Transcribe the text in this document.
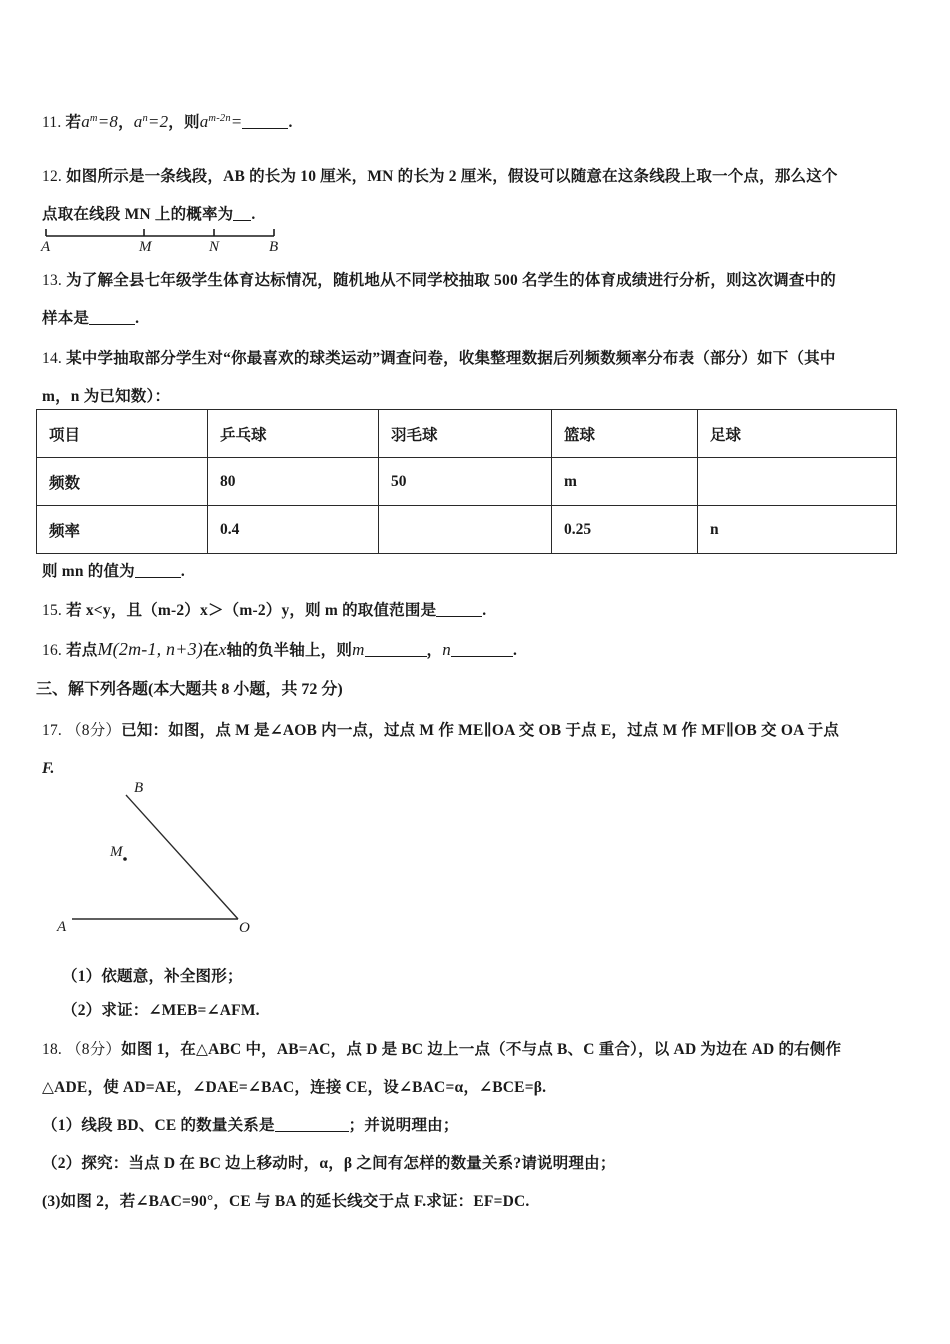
11. 若$a^m=8$，$a^n=2$，则$a^{m-2n}=$	.
12. 如图所示是一条线段，AB 的长为 10 厘米，MN 的长为 2 厘米，假设可以随意在这条线段上取一个点，那么这个
点取在线段 MN 上的概率为 .
A	M	N	B
13. 为了解全县七年级学生体育达标情况，随机地从不同学校抽取 500 名学生的体育成绩进行分析，则这次调查中的
样本是	.
14. 某中学抽取部分学生对“你最喜欢的球类运动”调查问卷，收集整理数据后列频数频率分布表（部分）如下（其中
m，n 为已知数）：
项目	乒乓球	羽毛球	篮球	足球
频数	80	50	m	
频率	0.4		0.25	n
则 mn 的值为	.
15. 若 x<y，且（m-2）x＞（m-2）y，则 m 的取值范围是	.
16. 若点M(2m-1, n+3)在x轴的负半轴上，则m	，n	.
三、解下列各题(本大题共 8 小题，共 72 分)
17. （8分）已知：如图，点 M 是∠AOB 内一点，过点 M 作 ME∥OA 交 OB 于点 E，过点 M 作 MF∥OB 交 OA 于点
F.
B
M
A	O
（1）依题意，补全图形；
（2）求证：∠MEB=∠AFM.
18. （8分）如图 1，在△ABC 中，AB=AC，点 D 是 BC 边上一点（不与点 B、C 重合），以 AD 为边在 AD 的右侧作
△ADE，使 AD=AE，∠DAE=∠BAC，连接 CE，设∠BAC=α，∠BCE=β.
（1）线段 BD、CE 的数量关系是	；并说明理由；
（2）探究：当点 D 在 BC 边上移动时，α，β 之间有怎样的数量关系?请说明理由；
(3)如图 2，若∠BAC=90°，CE 与 BA 的延长线交于点 F.求证：EF=DC.
